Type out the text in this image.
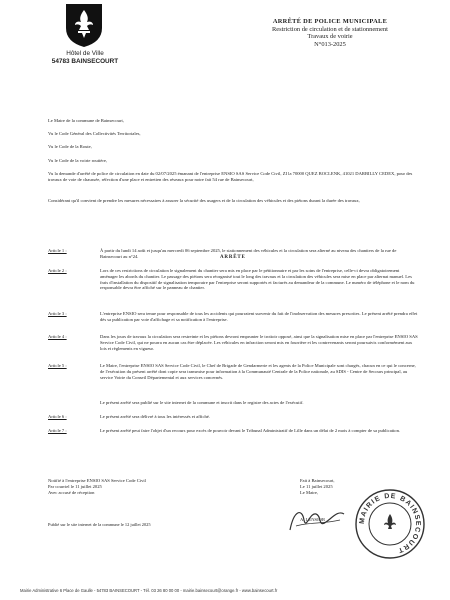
Hôtel de Ville
54783 BAINSECOURT
ARRÊTÉ DE POLICE MUNICIPALE
Restriction de circulation et de stationnement
Travaux de voirie
N°013-2025

Le Maire de la commune de Bainsecourt,

Vu le Code Général des Collectivités Territoriales,

Vu le Code de la Route,

Vu le Code de la voirie routière,

Vu la demande d'arrêté de police de circulation en date du 02/07/2025 émanant de l'entreprise ENSIO SAS Service Code Civil, ZI la 70000 QUEZ BOCLENK, 41021 DARBILLY CEDEX, pour des travaux de voie de chaussée, réfection d'une place et entretien des réseaux pour notre fait 54 rue de Bainsecourt,

Considérant qu'il convient de prendre les mesures nécessaires à assurer la sécurité des usagers et de la circulation des véhicules et des piétons durant la durée des travaux,

ARRÊTE
Article 1 :	À partir du lundi 14 août et jusqu'au mercredi 06 septembre 2025, le stationnement des véhicules et la circulation sera alterné au niveau des chantiers de la rue de Bainsecourt au n°24.
Article 2 :	Lors de ces restrictions de circulation le signalement du chantier sera mis en place par le pétitionnaire et par les soins de l'entreprise, celle-ci devra obligatoirement aménager les abords du chantier. Le passage des piétons sera réorganisé tout le long des travaux et la circulation des véhicules sera mise en place par alternat manuel. Les frais d'installation du dispositif de signalisation temporaire par l'entreprise seront supportés et facturés au demandeur de la commune. Le numéro de téléphone et le nom du responsable devra être affiché sur le panneau de chantier.
Article 3 :	L'entreprise ENSIO sera tenue pour responsable de tous les accidents qui pourraient survenir du fait de l'inobservation des mesures prescrites. Le présent arrêté prendra effet dès sa publication par voie d'affichage et sa notification à l'entreprise.
Article 4 :	Dans les jours de travaux la circulation sera restreinte et les piétons devront emprunter le trottoir opposé, ainsi que la signalisation mise en place par l'entreprise ENSIO SAS Service Code Civil, qui ne pourra en aucun cas être déplacée. Les véhicules en infraction seront mis en fourrière et les contrevenants seront poursuivis conformément aux lois et règlements en vigueur.
Article 5 :	Le Maire, l'entreprise ENSIO SAS Service Code Civil, le Chef de Brigade de Gendarmerie et les agents de la Police Municipale sont chargés, chacun en ce qui le concerne, de l'exécution du présent arrêté dont copie sera transmise pour information à la Communauté Centrale de la Police nationale, au SDIS - Centre de Secours principal, au service Voirie du Conseil Départemental et aux services concernés.
Le présent arrêté sera publié sur le site internet de la commune et inscrit dans le registre des actes de l'exécutif.
Article 6 :	Le présent arrêté sera délivré à tous les intéressés et affiché.
Article 7 :	Le présent arrêté peut faire l'objet d'un recours pour excès de pouvoir devant le Tribunal Administratif de Lille dans un délai de 2 mois à compter de sa publication.
Notifié à l'entreprise ENSIO SAS Service Code Civil
Par courriel le 11 juillet 2025
Avec accusé de réception
Publié sur le site internet de la commune le 12 juillet 2025
Fait à Bainsecourt,
Le 11 juillet 2025
Le Maire,
A. LENSIOR	MAIRIE DE BAINSECOURT
Mairie Administrative 6 Place de Gaulle - 54783 BAINSECOURT - Tél. 03 26 80 00 00 - mairie.bainsecourt@orange.fr - www.bainsecourt.fr
